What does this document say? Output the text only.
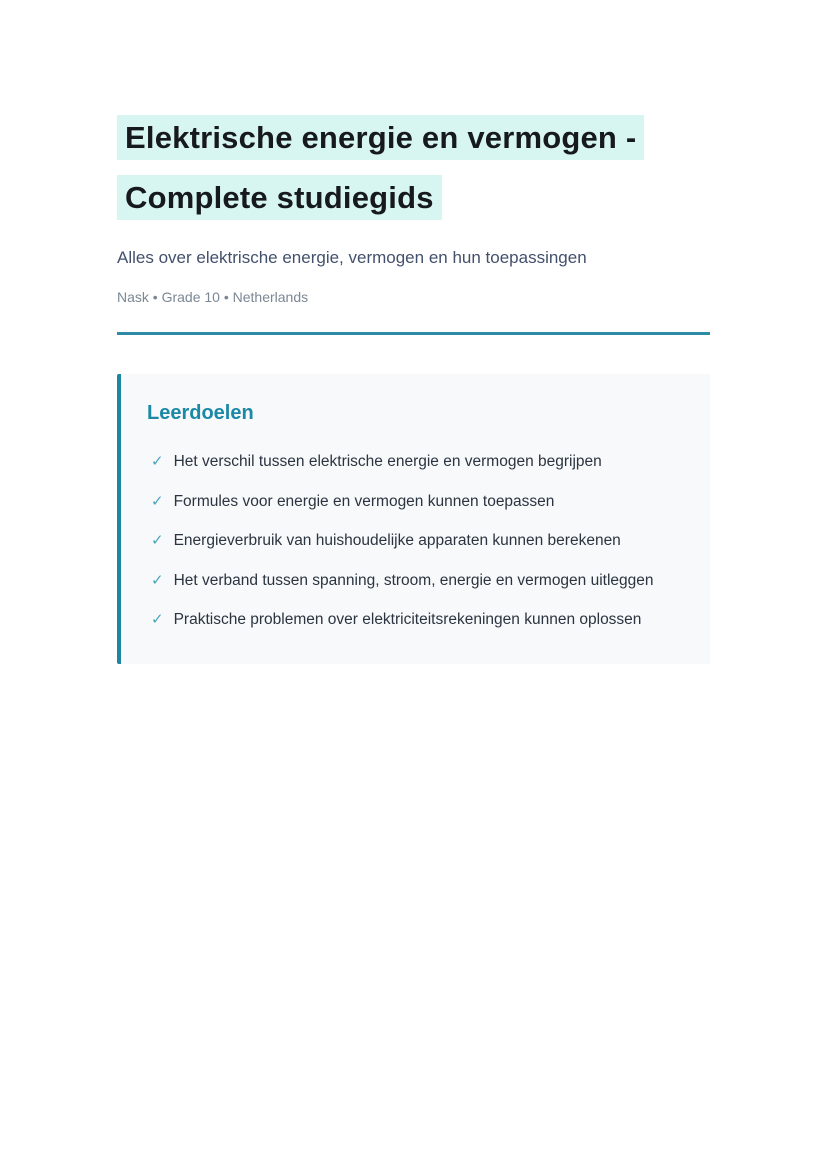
Elektrische energie en vermogen - Complete studiegids

Alles over elektrische energie, vermogen en hun toepassingen

Nask • Grade 10 • Netherlands

Leerdoelen
✓ Het verschil tussen elektrische energie en vermogen begrijpen
✓ Formules voor energie en vermogen kunnen toepassen
✓ Energieverbruik van huishoudelijke apparaten kunnen berekenen
✓ Het verband tussen spanning, stroom, energie en vermogen uitleggen
✓ Praktische problemen over elektriciteitsrekeningen kunnen oplossen
